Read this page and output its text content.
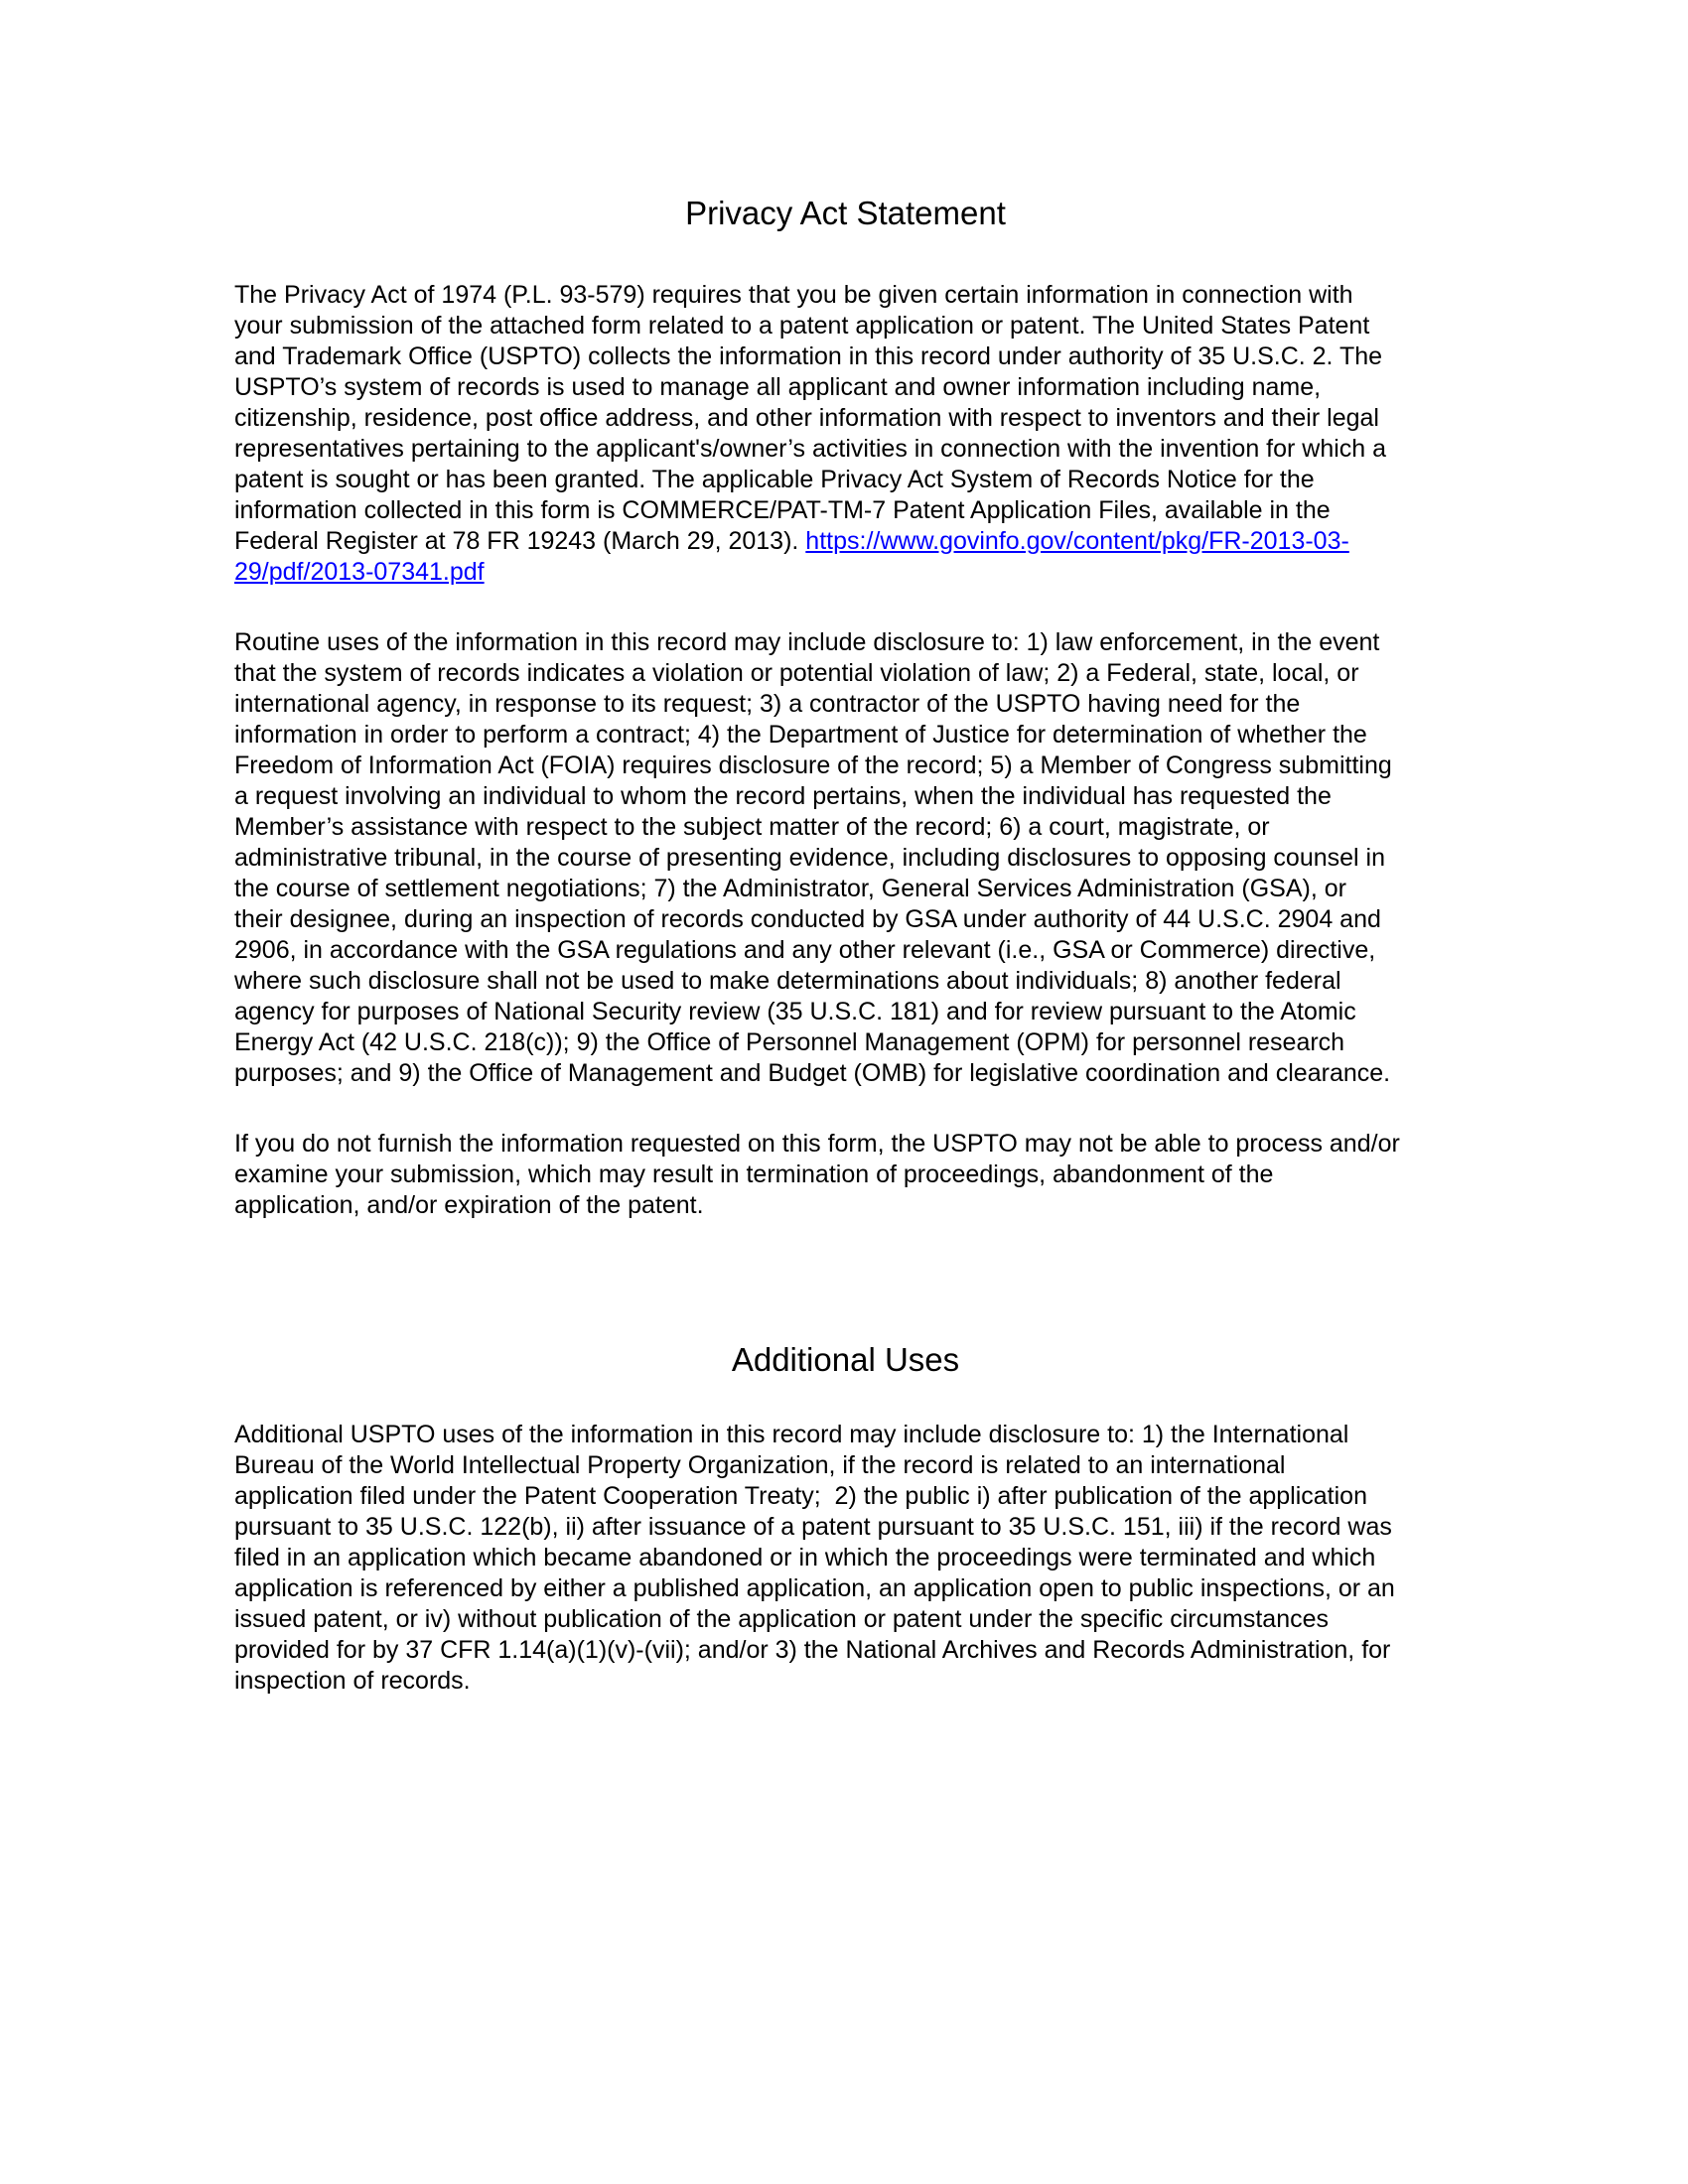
Privacy Act Statement

The Privacy Act of 1974 (P.L. 93-579) requires that you be given certain information in connection with
your submission of the attached form related to a patent application or patent. The United States Patent
and Trademark Office (USPTO) collects the information in this record under authority of 35 U.S.C. 2. The
USPTO’s system of records is used to manage all applicant and owner information including name,
citizenship, residence, post office address, and other information with respect to inventors and their legal
representatives pertaining to the applicant's/owner’s activities in connection with the invention for which a
patent is sought or has been granted. The applicable Privacy Act System of Records Notice for the
information collected in this form is COMMERCE/PAT-TM-7 Patent Application Files, available in the
Federal Register at 78 FR 19243 (March 29, 2013). https://www.govinfo.gov/content/pkg/FR-2013-03-
29/pdf/2013-07341.pdf

Routine uses of the information in this record may include disclosure to: 1) law enforcement, in the event
that the system of records indicates a violation or potential violation of law; 2) a Federal, state, local, or
international agency, in response to its request; 3) a contractor of the USPTO having need for the
information in order to perform a contract; 4) the Department of Justice for determination of whether the
Freedom of Information Act (FOIA) requires disclosure of the record; 5) a Member of Congress submitting
a request involving an individual to whom the record pertains, when the individual has requested the
Member’s assistance with respect to the subject matter of the record; 6) a court, magistrate, or
administrative tribunal, in the course of presenting evidence, including disclosures to opposing counsel in
the course of settlement negotiations; 7) the Administrator, General Services Administration (GSA), or
their designee, during an inspection of records conducted by GSA under authority of 44 U.S.C. 2904 and
2906, in accordance with the GSA regulations and any other relevant (i.e., GSA or Commerce) directive,
where such disclosure shall not be used to make determinations about individuals; 8) another federal
agency for purposes of National Security review (35 U.S.C. 181) and for review pursuant to the Atomic
Energy Act (42 U.S.C. 218(c)); 9) the Office of Personnel Management (OPM) for personnel research
purposes; and 9) the Office of Management and Budget (OMB) for legislative coordination and clearance.

If you do not furnish the information requested on this form, the USPTO may not be able to process and/or
examine your submission, which may result in termination of proceedings, abandonment of the
application, and/or expiration of the patent.

Additional Uses

Additional USPTO uses of the information in this record may include disclosure to: 1) the International
Bureau of the World Intellectual Property Organization, if the record is related to an international
application filed under the Patent Cooperation Treaty;  2) the public i) after publication of the application
pursuant to 35 U.S.C. 122(b), ii) after issuance of a patent pursuant to 35 U.S.C. 151, iii) if the record was
filed in an application which became abandoned or in which the proceedings were terminated and which
application is referenced by either a published application, an application open to public inspections, or an
issued patent, or iv) without publication of the application or patent under the specific circumstances
provided for by 37 CFR 1.14(a)(1)(v)-(vii); and/or 3) the National Archives and Records Administration, for
inspection of records.
